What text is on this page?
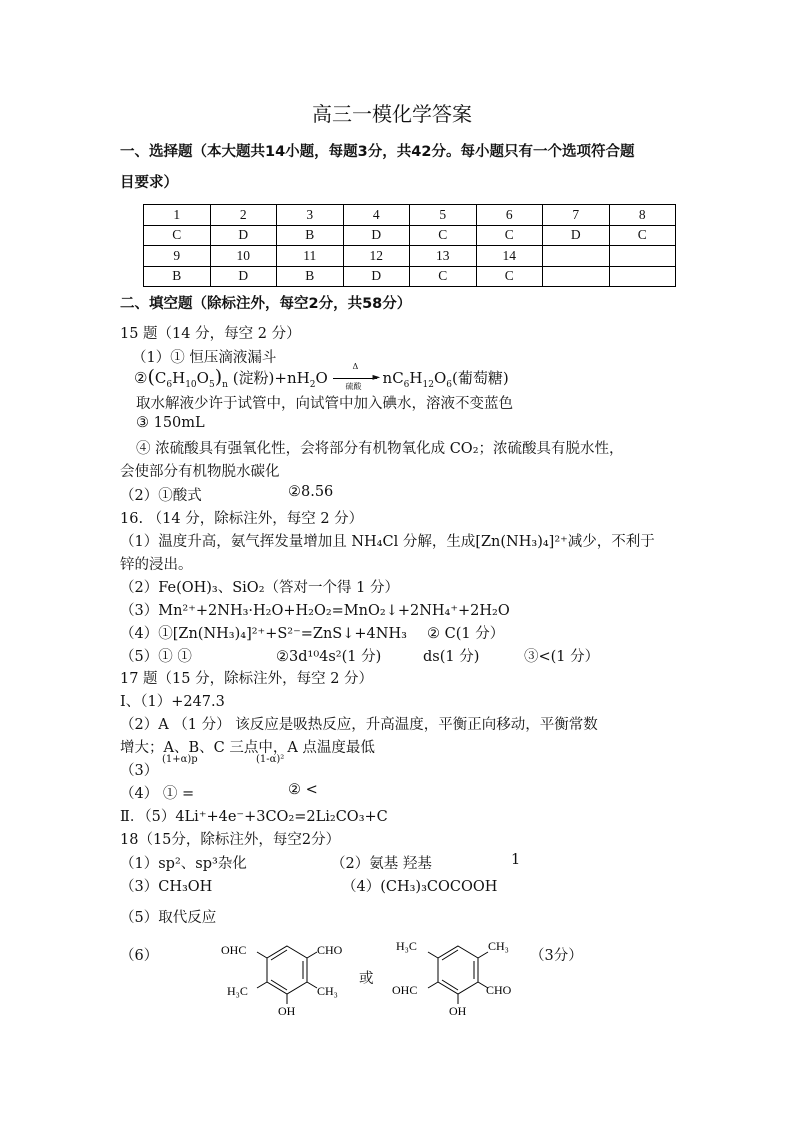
高三一模化学答案
一、选择题（本大题共14小题，每题3分，共42分。每小题只有一个选项符合题
目要求）
1	2	3	4	5	6	7	8
C	D	B	D	C	C	D	C
9	10	11	12	13	14		
B	D	B	D	C	C		
二、填空题（除标注外，每空2分，共58分）
15 题（14 分，每空 2 分）
（1）① 恒压滴液漏斗
$②(C_6H_{10}O_5)_n$ (淀粉)$+nH_2O$
Δ
►
硫酸 $nC_6H_{12}O_6$(葡萄糖)
取水解液少许于试管中，向试管中加入碘水，溶液不变蓝色
③ 150mL
④ 浓硫酸具有强氧化性，会将部分有机物氧化成 CO₂；浓硫酸具有脱水性，
会使部分有机物脱水碳化
（2）①酸式	②8.56
16. （14 分，除标注外，每空 2 分）
（1）温度升高，氨气挥发量增加且 NH₄Cl 分解，生成[Zn(NH₃)₄]²⁺减少，不利于
锌的浸出。
（2）Fe(OH)₃、SiO₂（答对一个得 1 分）
（3）Mn²⁺+2NH₃·H₂O+H₂O₂=MnO₂↓+2NH₄⁺+2H₂O
（4）①[Zn(NH₃)₄]²⁺+S²⁻=ZnS↓+4NH₃ ② C(1 分）
（5）① ①	②3d¹⁰4s²(1 分)	ds(1 分)	③<(1 分）
17 题（15 分，除标注外，每空 2 分）
Ⅰ、（1）+247.3
（2）A （1 分） 该反应是吸热反应，升高温度，平衡正向移动，平衡常数
增大；A、B、C 三点中，A 点温度最低
（3）
(1+α)p	(1-α)²
（4） ① =	② <
Ⅱ．（5）4Li⁺+4e⁻+3CO₂=2Li₂CO₃+C
18（15分，除标注外，每空2分）
（1）sp²、sp³杂化	（2）氨基 羟基	1
（3）CH₃OH	（4）(CH₃)₃COCOOH
（5）取代反应
（6）
或
（3分）
OHC	CHO
H₃C	CH₃
OH
H₃C	CH₃
OHC	CHO
OH
